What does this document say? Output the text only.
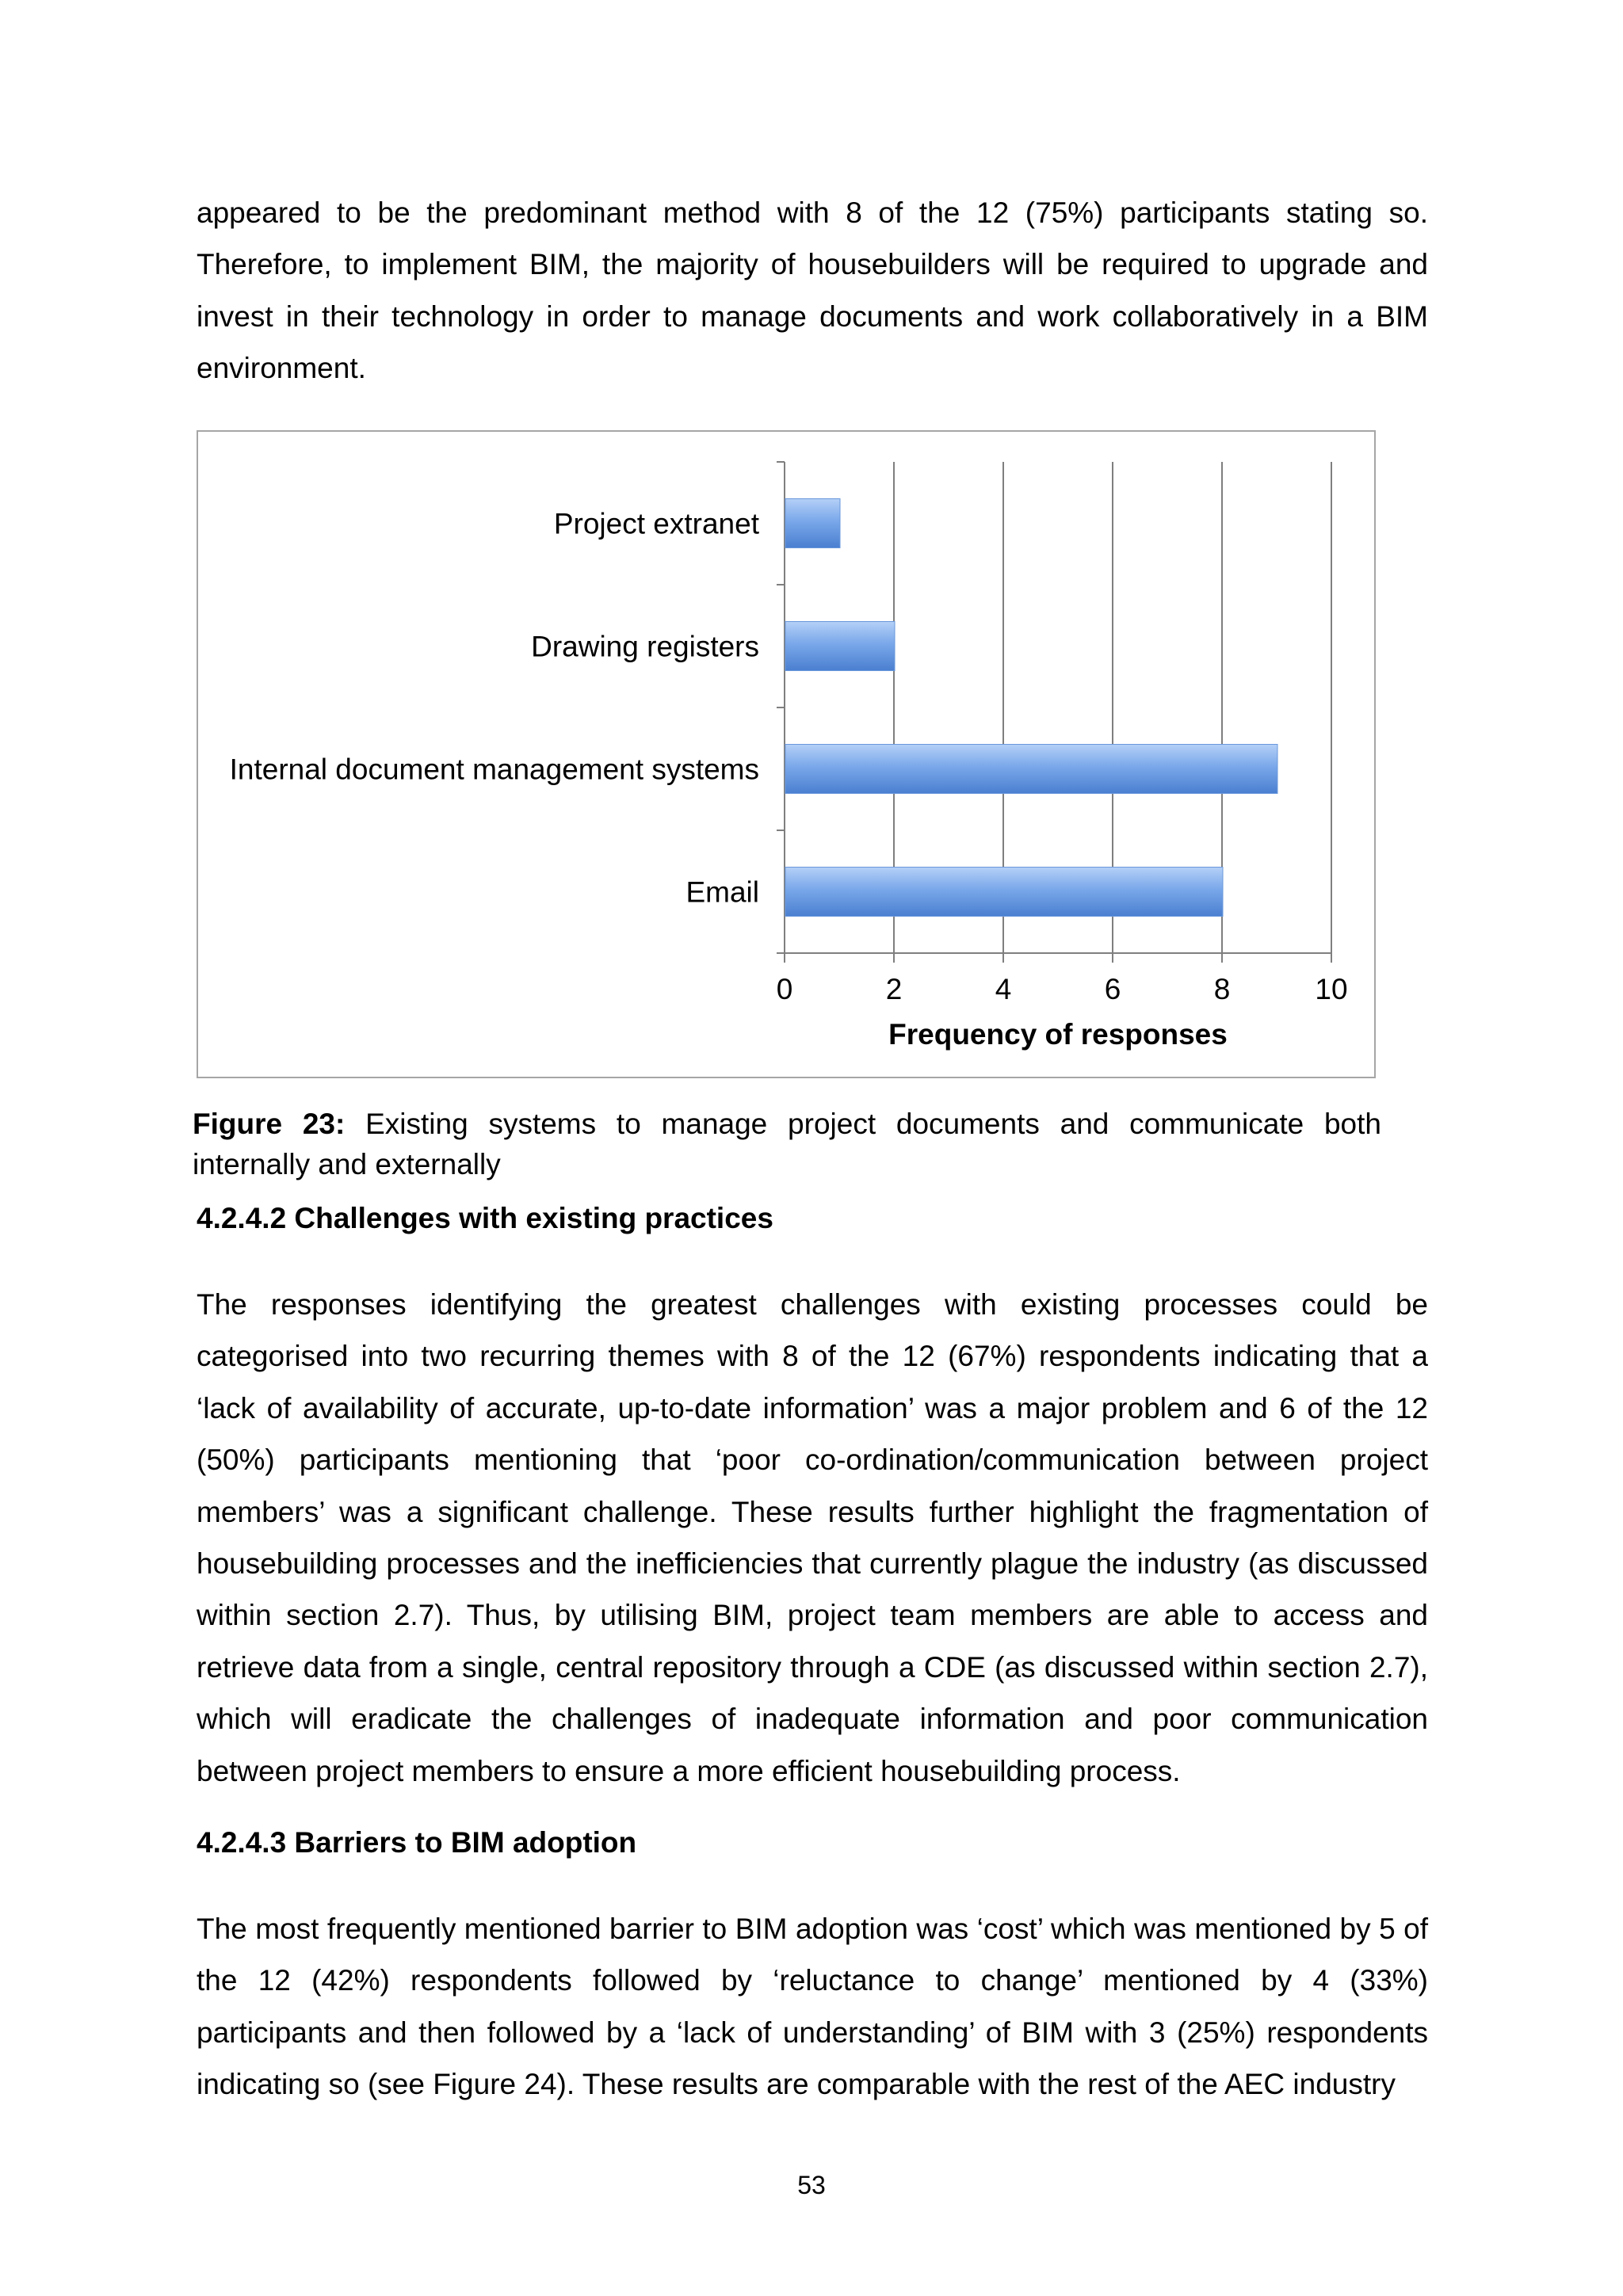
appeared to be the predominant method with 8 of the 12 (75%) participants stating so. Therefore, to implement BIM, the majority of housebuilders will be required to upgrade and invest in their technology in order to manage documents and work collaboratively in a BIM environment.

0	2	4	6	8	10
Project extranet
Drawing registers
Internal document management systems
Email
Frequency of responses

Figure 23: Existing systems to manage project documents and communicate both internally and externally

4.2.4.2 Challenges with existing practices

The responses identifying the greatest challenges with existing processes could be categorised into two recurring themes with 8 of the 12 (67%) respondents indicating that a ‘lack of availability of accurate, up-to-date information’ was a major problem and 6 of the 12 (50%) participants mentioning that ‘poor co-ordination/communication between project members’ was a significant challenge. These results further highlight the fragmentation of housebuilding processes and the inefficiencies that currently plague the industry (as discussed within section 2.7). Thus, by utilising BIM, project team members are able to access and retrieve data from a single, central repository through a CDE (as discussed within section 2.7), which will eradicate the challenges of inadequate information and poor communication between project members to ensure a more efficient housebuilding process.

4.2.4.3 Barriers to BIM adoption

The most frequently mentioned barrier to BIM adoption was ‘cost’ which was mentioned by 5 of the 12 (42%) respondents followed by ‘reluctance to change’ mentioned by 4 (33%) participants and then followed by a ‘lack of understanding’ of BIM with 3 (25%) respondents indicating so (see Figure 24). These results are comparable with the rest of the AEC industry

53
